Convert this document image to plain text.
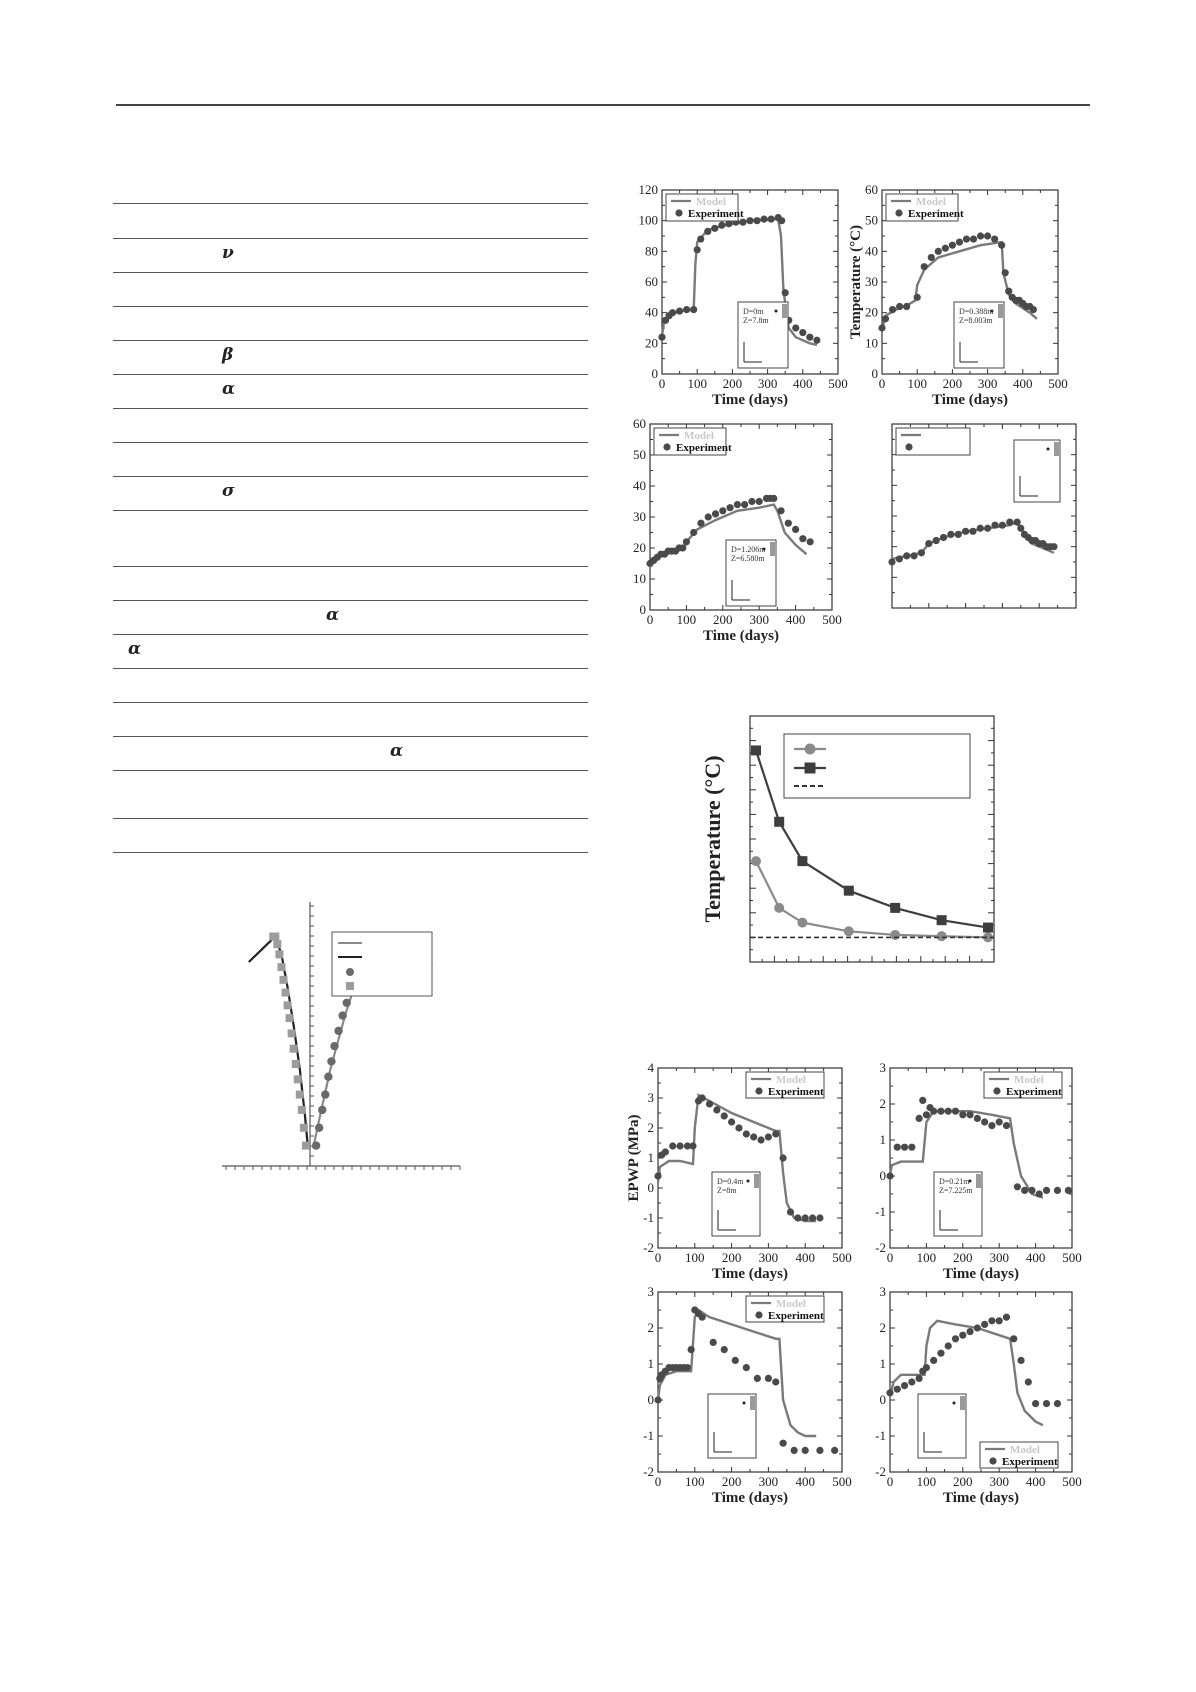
ν
β
α
σ
α
α
α
0 100 200 300 400 500
0
20
40
60
80
100
120
Time (days)
Model
Experiment
D=0m
Z=7.8m
0 100 200 300 400 500
0
10
20
30
40
50
60
Time (days)
Temperature (°C)
Model
Experiment
D=0.388m
Z=8.003m
0 100 200 300 400 500
0
10
20
30
40
50
60
Time (days)
Model
Experiment
D=1.206m
Z=6.580m
Temperature (°C)
0 100 200 300 400 500
-2
-1
0
1
2
3
4
Time (days)
EPWP (MPa)
Model
Experiment
D=0.4m
Z=8m
0 100 200 300 400 500
-2
-1
0
1
2
3
Time (days)
Model
Experiment
D=0.21m
Z=7.225m
0 100 200 300 400 500
-2
-1
0
1
2
3
Time (days)
Model
Experiment
0 100 200 300 400 500
-2
-1
0
1
2
3
Time (days)
Model
Experiment
